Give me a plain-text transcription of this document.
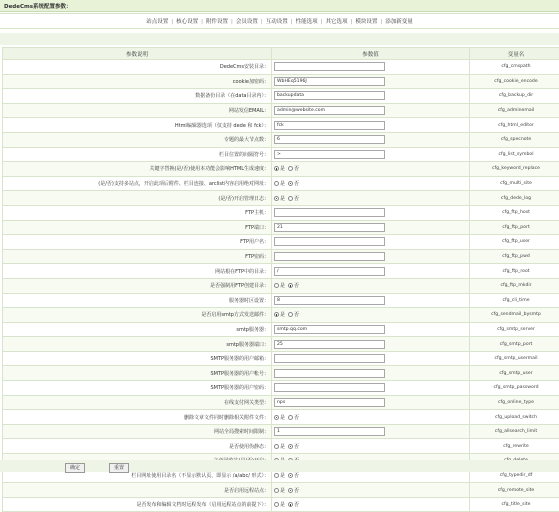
DedeCms系统配置参数：
站点设置 | 核心设置 | 附件设置 | 会员设置 | 互动设置 | 性能选项 | 其它选项 | 模块设置 | 添加新变量
参数说明	参数值	变量名
DedeCms安装目录：		cfg_cmspath
cookie加密码：	WbHEq5196J	cfg_cookie_encode
数据备份目录（在data目录内）：	backupdata	cfg_backup_dir
网站发信EMAIL：	admin@website.com	cfg_adminemail
Html编辑器选项（仅支持 dede 和 fck）：	fck	cfg_html_editor
专题的最大节点数：	6	cfg_specnote
栏目位置的间隔符号：	>	cfg_list_symbol
关键字替换(是/否)使用本功能会影响HTML生成速度：	是 否	cfg_keyword_replace
(是/否)支持多站点，开启此项后附件、栏目连接、arclist内容启用绝对网址：	是 否	cfg_multi_site
(是/否)开启管理日志：	是 否	cfg_dede_log
FTP主机：		cfg_ftp_host
FTP端口：	21	cfg_ftp_port
FTP用户名：		cfg_ftp_user
FTP密码：		cfg_ftp_pwd
网站根在FTP中的目录：	/	cfg_ftp_root
是否强制用FTP创建目录：	是 否	cfg_ftp_mkdir
服务器时区设置：	8	cfg_cli_time
是否启用smtp方式发送邮件：	是 否	cfg_sendmail_bysmtp
smtp服务器：	smtp.qq.com	cfg_smtp_server
smtp服务器端口：	25	cfg_smtp_port
SMTP服务器的用户邮箱：		cfg_smtp_usermail
SMTP服务器的用户帐号：		cfg_smtp_user
SMTP服务器的用户密码：		cfg_smtp_password
在线支付网关类型：	nps	cfg_online_type
删除文章文件同时删除相关附件文件：	是 否	cfg_upload_switch
网站全局搜索时间限制：	1	cfg_allsearch_limit
是否使用伪静态：	是 否	cfg_rewrite

栏目网址使用目录名（不显示默认页，即显示 /a/abc/ 形式）：	是 否	cfg_typedir_df
是否启用远程站点：	是 否	cfg_remote_site
是否发布和编辑文档时远程发布（启用远程站点的前提下）：	是 否	cfg_title_site
确定	重置
